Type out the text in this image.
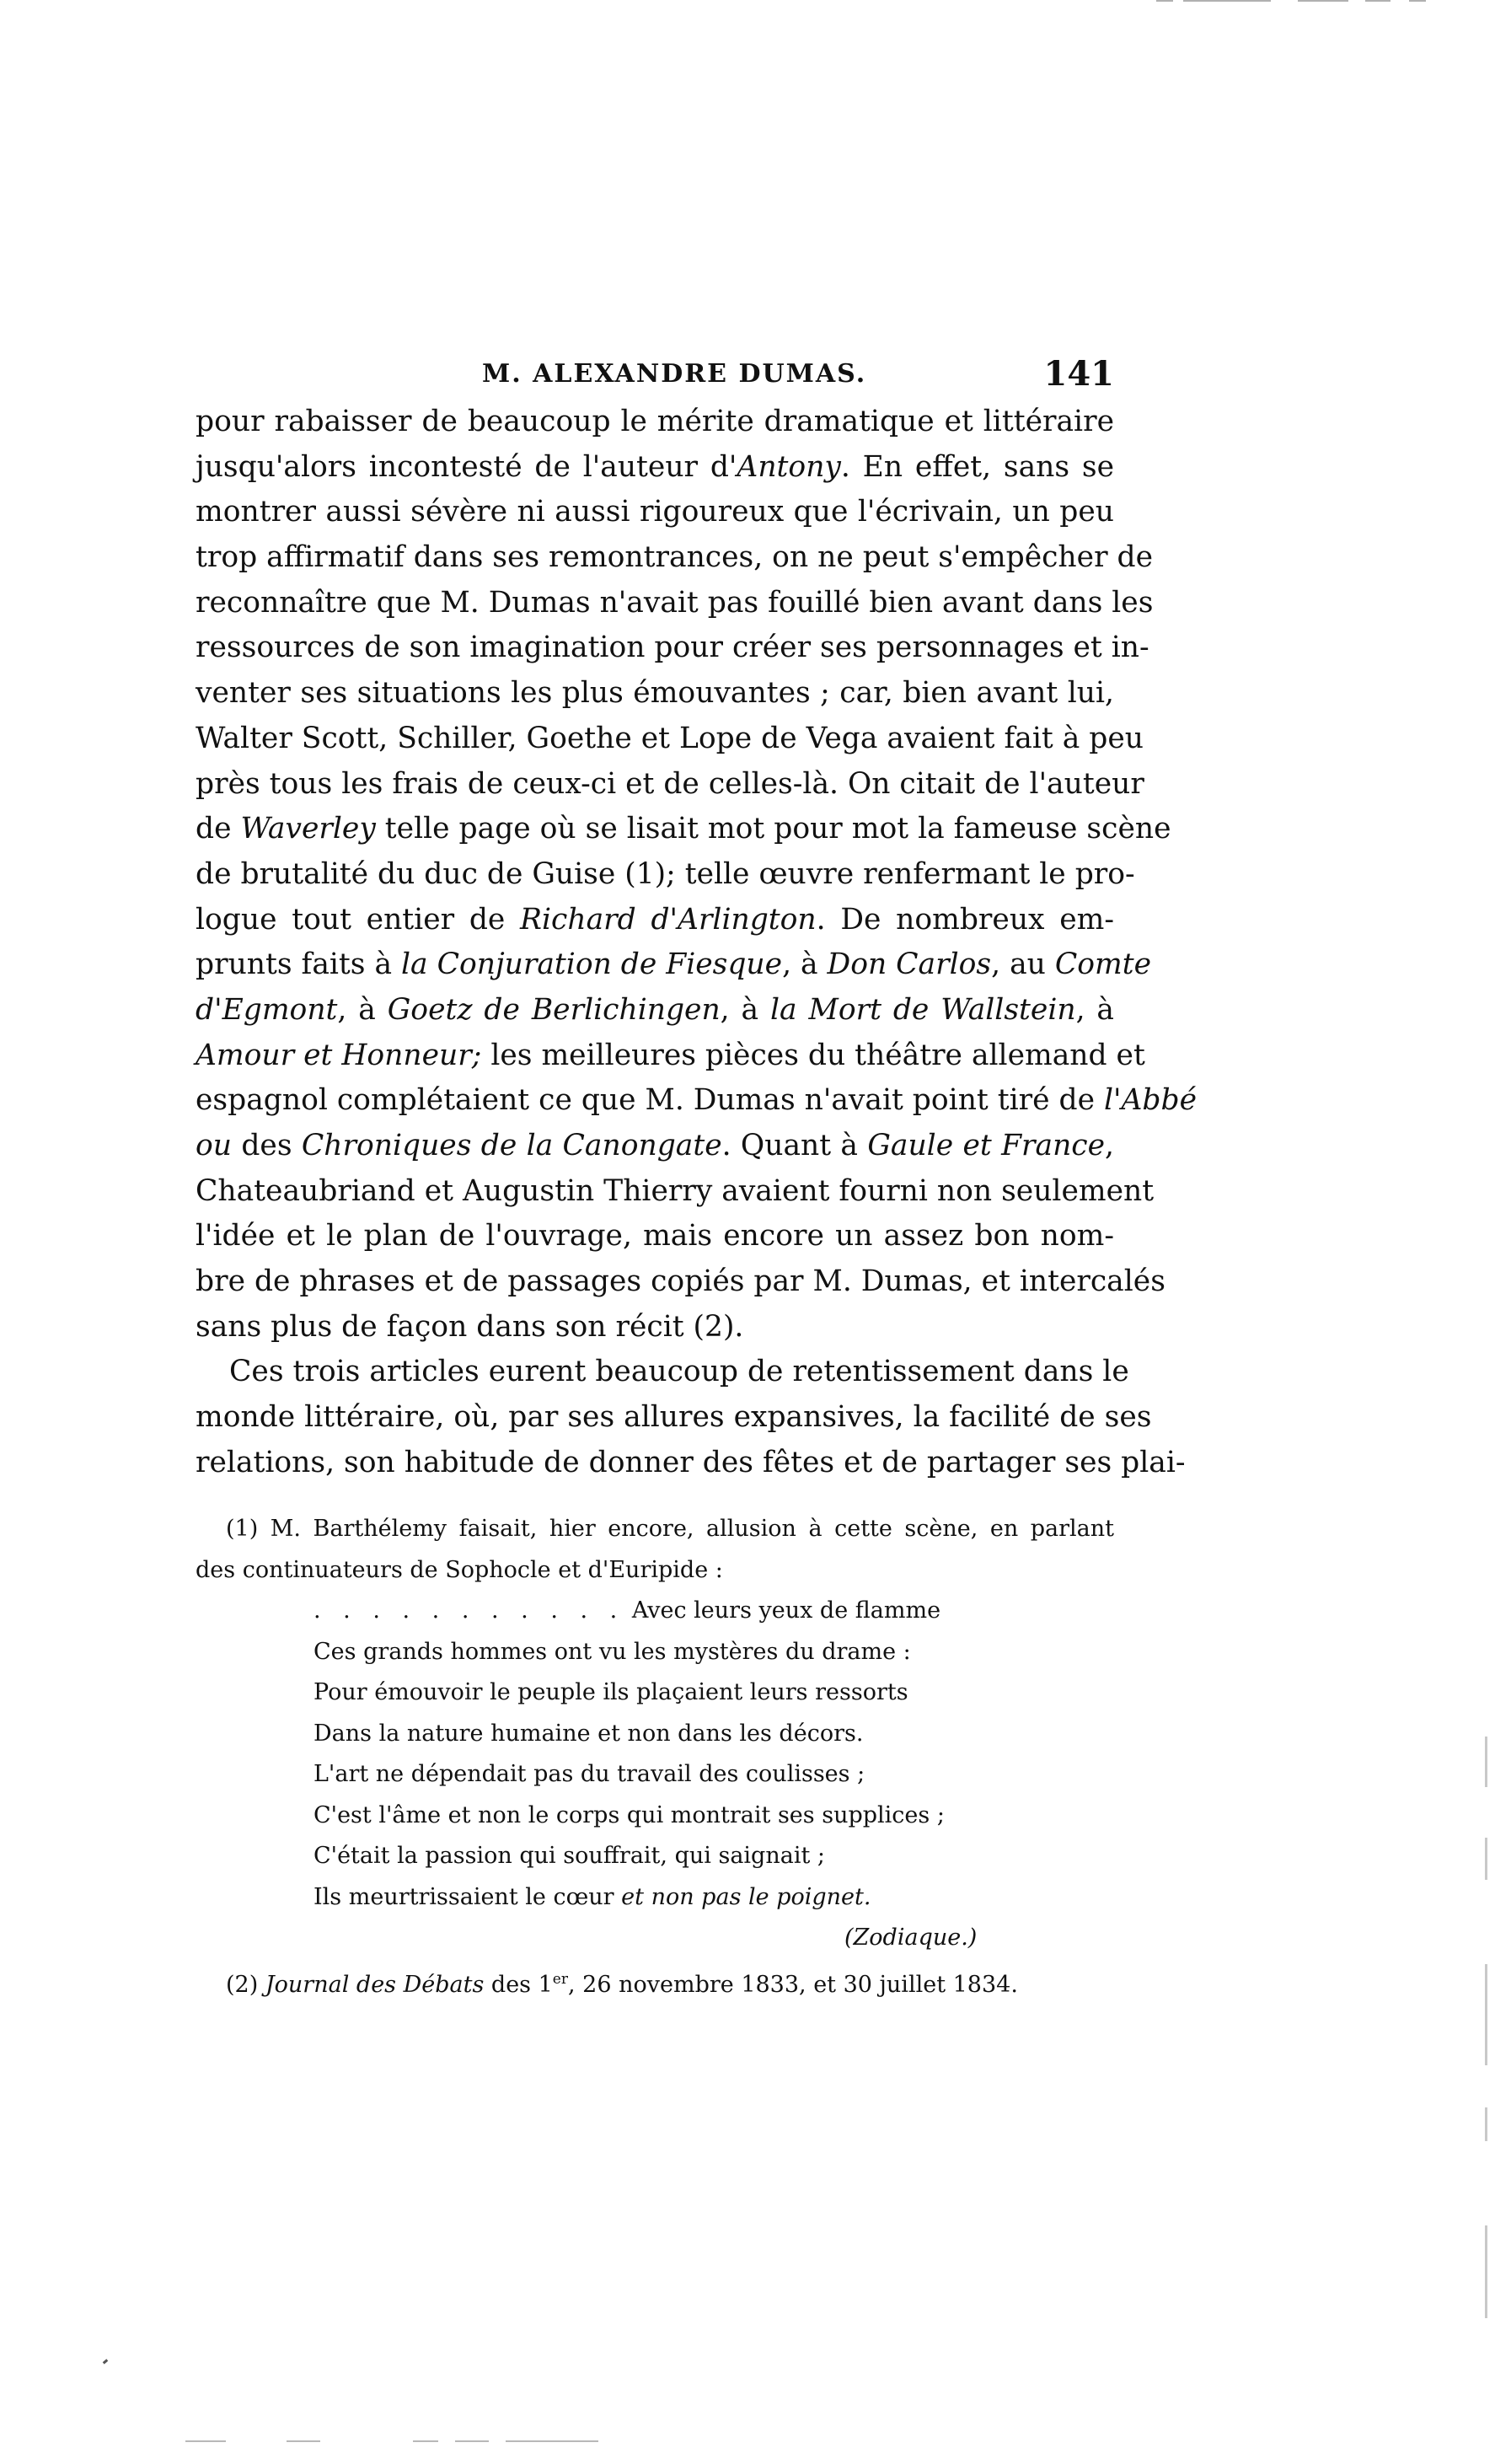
M. ALEXANDRE DUMAS.	141
pour rabaisser de beaucoup le mérite dramatique et littéraire
jusqu'alors incontesté de l'auteur d'Antony. En effet, sans se
montrer aussi sévère ni aussi rigoureux que l'écrivain, un peu
trop affirmatif dans ses remontrances, on ne peut s'empêcher de
reconnaître que M. Dumas n'avait pas fouillé bien avant dans les
ressources de son imagination pour créer ses personnages et in-
venter ses situations les plus émouvantes ; car, bien avant lui,
Walter Scott, Schiller, Goethe et Lope de Vega avaient fait à peu
près tous les frais de ceux-ci et de celles-là. On citait de l'auteur
de Waverley telle page où se lisait mot pour mot la fameuse scène
de brutalité du duc de Guise (1); telle œuvre renfermant le pro-
logue tout entier de Richard d'Arlington. De nombreux em-
prunts faits à la Conjuration de Fiesque, à Don Carlos, au Comte
d'Egmont, à Goetz de Berlichingen, à la Mort de Wallstein, à
Amour et Honneur; les meilleures pièces du théâtre allemand et
espagnol complétaient ce que M. Dumas n'avait point tiré de l'Abbé
ou des Chroniques de la Canongate. Quant à Gaule et France,
Chateaubriand et Augustin Thierry avaient fourni non seulement
l'idée et le plan de l'ouvrage, mais encore un assez bon nom-
bre de phrases et de passages copiés par M. Dumas, et intercalés
sans plus de façon dans son récit (2).
Ces trois articles eurent beaucoup de retentissement dans le
monde littéraire, où, par ses allures expansives, la facilité de ses
relations, son habitude de donner des fêtes et de partager ses plai-
(1) M. Barthélemy faisait, hier encore, allusion à cette scène, en parlant
des continuateurs de Sophocle et d'Euripide :
. . . . . . . . . . . Avec leurs yeux de flamme
Ces grands hommes ont vu les mystères du drame :
Pour émouvoir le peuple ils plaçaient leurs ressorts
Dans la nature humaine et non dans les décors.
L'art ne dépendait pas du travail des coulisses ;
C'est l'âme et non le corps qui montrait ses supplices ;
C'était la passion qui souffrait, qui saignait ;
Ils meurtrissaient le cœur et non pas le poignet.
(Zodiaque.)
(2) Journal des Débats des 1er, 26 novembre 1833, et 30 juillet 1834.
